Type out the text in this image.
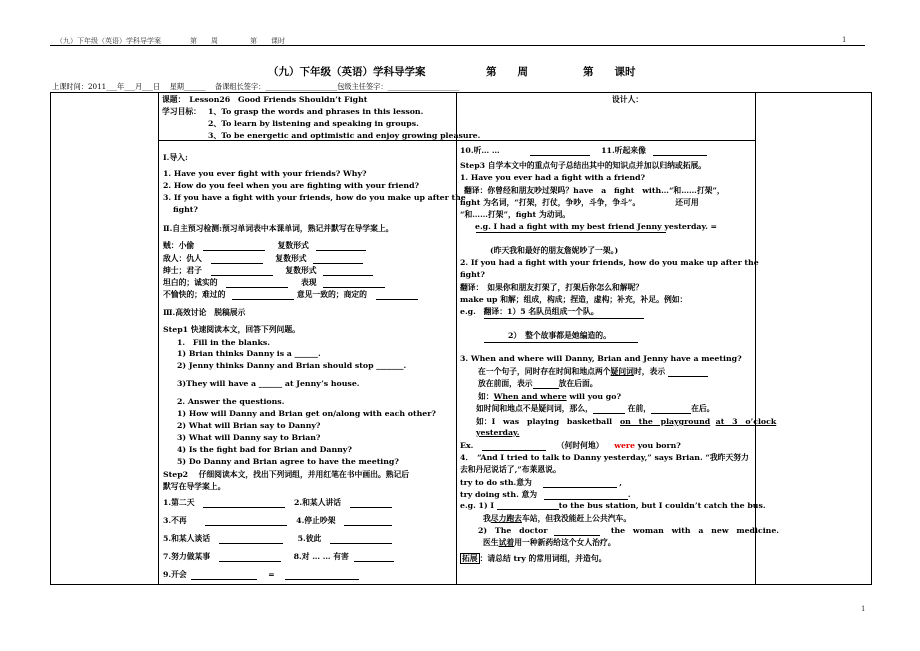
（九）下年级（英语）学科导学案	第　　周	第　　课时	1
（九）下年级（英语）学科导学案	第　　周	第　　课时
上课时间：2011___年___月___日　 星期______　 备课组长签字：____________________包级主任签字：____________________
课题：　Lesson26　Good Friends Shouldn’t Fight	设计人：
学习目标： 1、To grasp the words and phrases in this lesson.
2、To learn by listening and speaking in groups.
3、To be energetic and optimistic and enjoy growing pleasure.
Ⅰ.导入:
1. Have you ever fight with your friends? Why?
2. How do you feel when you are fighting with your friend?
3. If you have a fight with your friends, how do you make up after the
fight?
Ⅱ.自主预习检测:预习单词表中本课单词，熟记并默写在导学案上。
贼：小偷	复数形式
敌人：仇人	复数形式
绅士；君子	复数形式
坦白的；诚实的	表现
不愉快的；难过的	意见一致的；商定的
Ⅲ.高效讨论　脱稿展示
Step1 快速阅读本文，回答下列问题。
1.　Fill in the blanks.
1) Brian thinks Danny is a ______.
2) Jenny thinks Danny and Brian should stop _______.
3)They will have a ______ at Jenny’s house.
2. Answer the questions.
1) How will Danny and Brian get on/along with each other?
2) What will Brian say to Danny?
3) What will Danny say to Brian?
4) Is the fight bad for Brian and Danny?
5) Do Danny and Brian agree to have the meeting?
Step2　 仔细阅读本文，找出下列词组，并用红笔在书中画出。熟记后
默写在导学案上。
1.第二天	2.和某人讲话
3.不再	4.停止吵架
5.和某人谈话	5.彼此
7.努力做某事	8.对 … … 有害
9.开会	=
10.听… …	11.听起来像
Step3 自学本文中的重点句子总结出其中的知识点并加以归纳或拓展。
1. Have you ever had a fight with a friend?
翻译：你曾经和朋友吵过架吗？have　a　fight　with…“和……打架”，
fight 为名词，“打架，打仗，争吵，斗争，争斗”。　　　　　还可用
“和……打架”，fight 为动词。
e.g. I had a fight with my best friend Jenny yesterday. =
(昨天我和最好的朋友詹妮吵了一架。)
2. If you had a fight with your friends, how do you make up after the
fight?
翻译：　如果你和朋友打架了，打架后你怎么和解呢？
make up 和解；组成，构成；捏造，虚构；补充，补足。例如：
e.g.　翻译：1）5 名队员组成一个队。
2）　整个故事都是她编造的。
3. When and where will Danny, Brian and Jenny have a meeting?
在一个句子，同时存在时间和地点两个疑问词时，表示
放在前面，表示	放在后面。
如：When and where will you go?
如时间和地点不是疑问词，那么，	在前，	在后。
如：I　was　playing　basketball　on　the　playground at　3　o’clock
yesterday.
Ex.	（何时何地） were you born?
4．　“And I tried to talk to Danny yesterday,” says Brian. “我昨天努力
去和丹尼说话了,”布莱恩说。
try to do sth.意为	,
try doing sth. 意为	.
e.g. 1) I	to the bus station, but I couldn’t catch the bus.
我尽力跑去车站，但我没能赶上公共汽车。
2)　The　doctor	the　woman　with　a　new　medicine.
医生试着用一种新药给这个女人治疗。
拓展 ：请总结 try 的常用词组，并造句。
1
